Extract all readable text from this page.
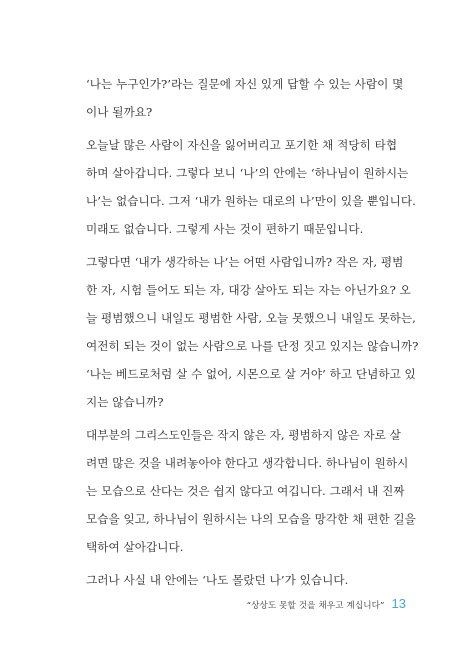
‘나는 누구인가?’라는 질문에 자신 있게 답할 수 있는 사람이 몇
이나 될까요?

오늘날 많은 사람이 자신을 잃어버리고 포기한 채 적당히 타협
하며 살아갑니다. 그렇다 보니 ‘나’의 안에는 ‘하나님이 원하시는
나’는 없습니다. 그저 ‘내가 원하는 대로의 나’만이 있을 뿐입니다.
미래도 없습니다. 그렇게 사는 것이 편하기 때문입니다.

그렇다면 ‘내가 생각하는 나’는 어떤 사람입니까? 작은 자, 평범
한 자, 시험 들어도 되는 자, 대강 살아도 되는 자는 아닌가요? 오
늘 평범했으니 내일도 평범한 사람, 오늘 못했으니 내일도 못하는,
여전히 되는 것이 없는 사람으로 나를 단정 짓고 있지는 않습니까?
‘나는 베드로처럼 살 수 없어, 시몬으로 살 거야’ 하고 단념하고 있
지는 않습니까?

대부분의 그리스도인들은 작지 않은 자, 평범하지 않은 자로 살
려면 많은 것을 내려놓아야 한다고 생각합니다. 하나님이 원하시
는 모습으로 산다는 것은 쉽지 않다고 여깁니다. 그래서 내 진짜
모습을 잊고, 하나님이 원하시는 나의 모습을 망각한 채 편한 길을
택하여 살아갑니다.

그러나 사실 내 안에는 ‘나도 몰랐던 나’가 있습니다.

“상상도 못할 것을 채우고 계십니다” 13
